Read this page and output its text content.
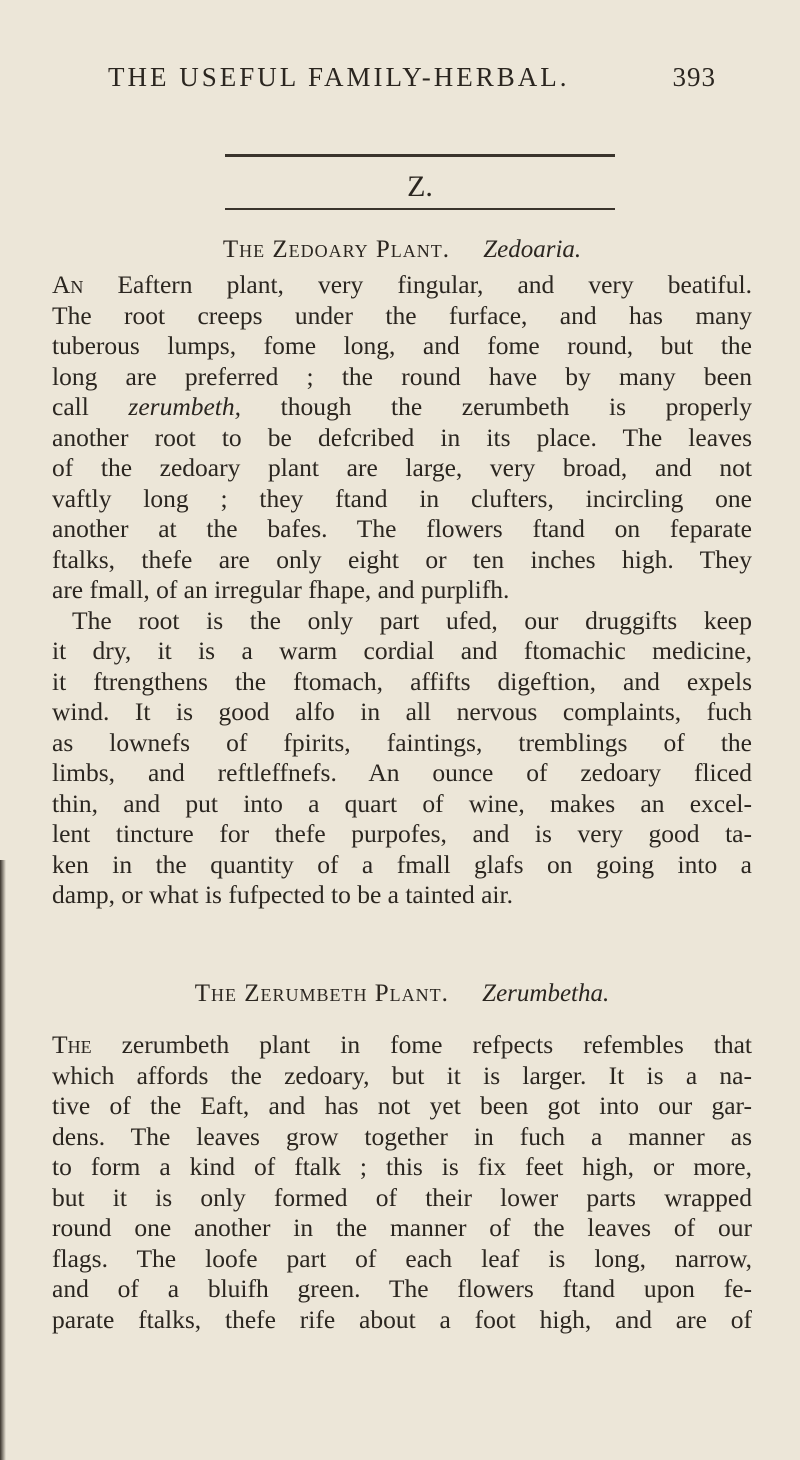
THE USEFUL FAMILY-HERBAL.	393
Z.
The Zedoary Plant. Zedoaria.
An Eaftern plant, very fingular, and very beatiful.
The root creeps under the furface, and has many
tuberous lumps, fome long, and fome round, but the
long are preferred ; the round have by many been
call zerumbeth, though the zerumbeth is properly
another root to be defcribed in its place. The leaves
of the zedoary plant are large, very broad, and not
vaftly long ; they ftand in clufters, incircling one
another at the bafes. The flowers ftand on feparate
ftalks, thefe are only eight or ten inches high. They
are fmall, of an irregular fhape, and purplifh.
The root is the only part ufed, our druggifts keep
it dry, it is a warm cordial and ftomachic medicine,
it ftrengthens the ftomach, affifts digeftion, and expels
wind. It is good alfo in all nervous complaints, fuch
as lownefs of fpirits, faintings, tremblings of the
limbs, and reftleffnefs. An ounce of zedoary fliced
thin, and put into a quart of wine, makes an excel-
lent tincture for thefe purpofes, and is very good ta-
ken in the quantity of a fmall glafs on going into a
damp, or what is fufpected to be a tainted air.
The Zerumbeth Plant. Zerumbetha.
The zerumbeth plant in fome refpects refembles that
which affords the zedoary, but it is larger. It is a na-
tive of the Eaft, and has not yet been got into our gar-
dens. The leaves grow together in fuch a manner as
to form a kind of ftalk ; this is fix feet high, or more,
but it is only formed of their lower parts wrapped
round one another in the manner of the leaves of our
flags. The loofe part of each leaf is long, narrow,
and of a bluifh green. The flowers ftand upon fe-
parate ftalks, thefe rife about a foot high, and are of
